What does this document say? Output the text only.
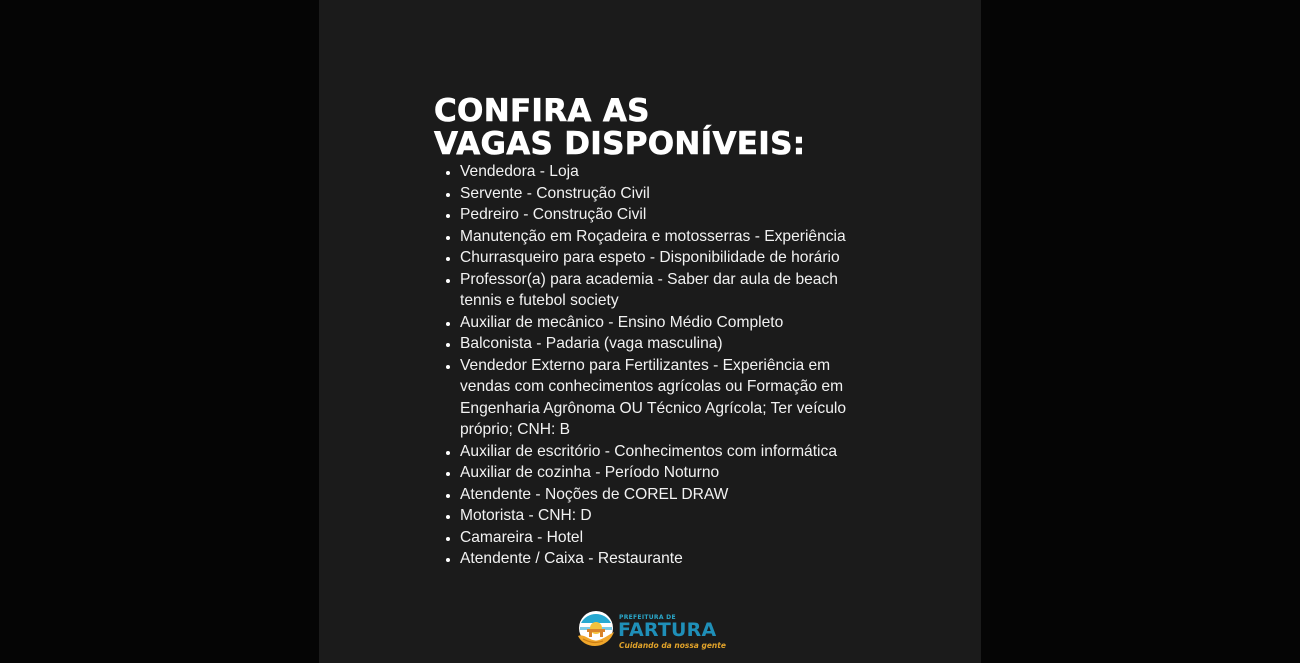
CONFIRA AS
VAGAS DISPONÍVEIS:
• Vendedora - Loja
• Servente - Construção Civil
• Pedreiro - Construção Civil
• Manutenção em Roçadeira e motosserras - Experiência
• Churrasqueiro para espeto - Disponibilidade de horário
• Professor(a) para academia - Saber dar aula de beach tennis e futebol society
• Auxiliar de mecânico - Ensino Médio Completo
• Balconista - Padaria (vaga masculina)
• Vendedor Externo para Fertilizantes - Experiência em vendas com conhecimentos agrícolas ou Formação em Engenharia Agrônoma OU Técnico Agrícola; Ter veículo próprio; CNH: B
• Auxiliar de escritório - Conhecimentos com informática
• Auxiliar de cozinha - Período Noturno
• Atendente - Noções de COREL DRAW
• Motorista - CNH: D
• Camareira - Hotel
• Atendente / Caixa - Restaurante
PREFEITURA DE
FARTURA
Cuidando da nossa gente
